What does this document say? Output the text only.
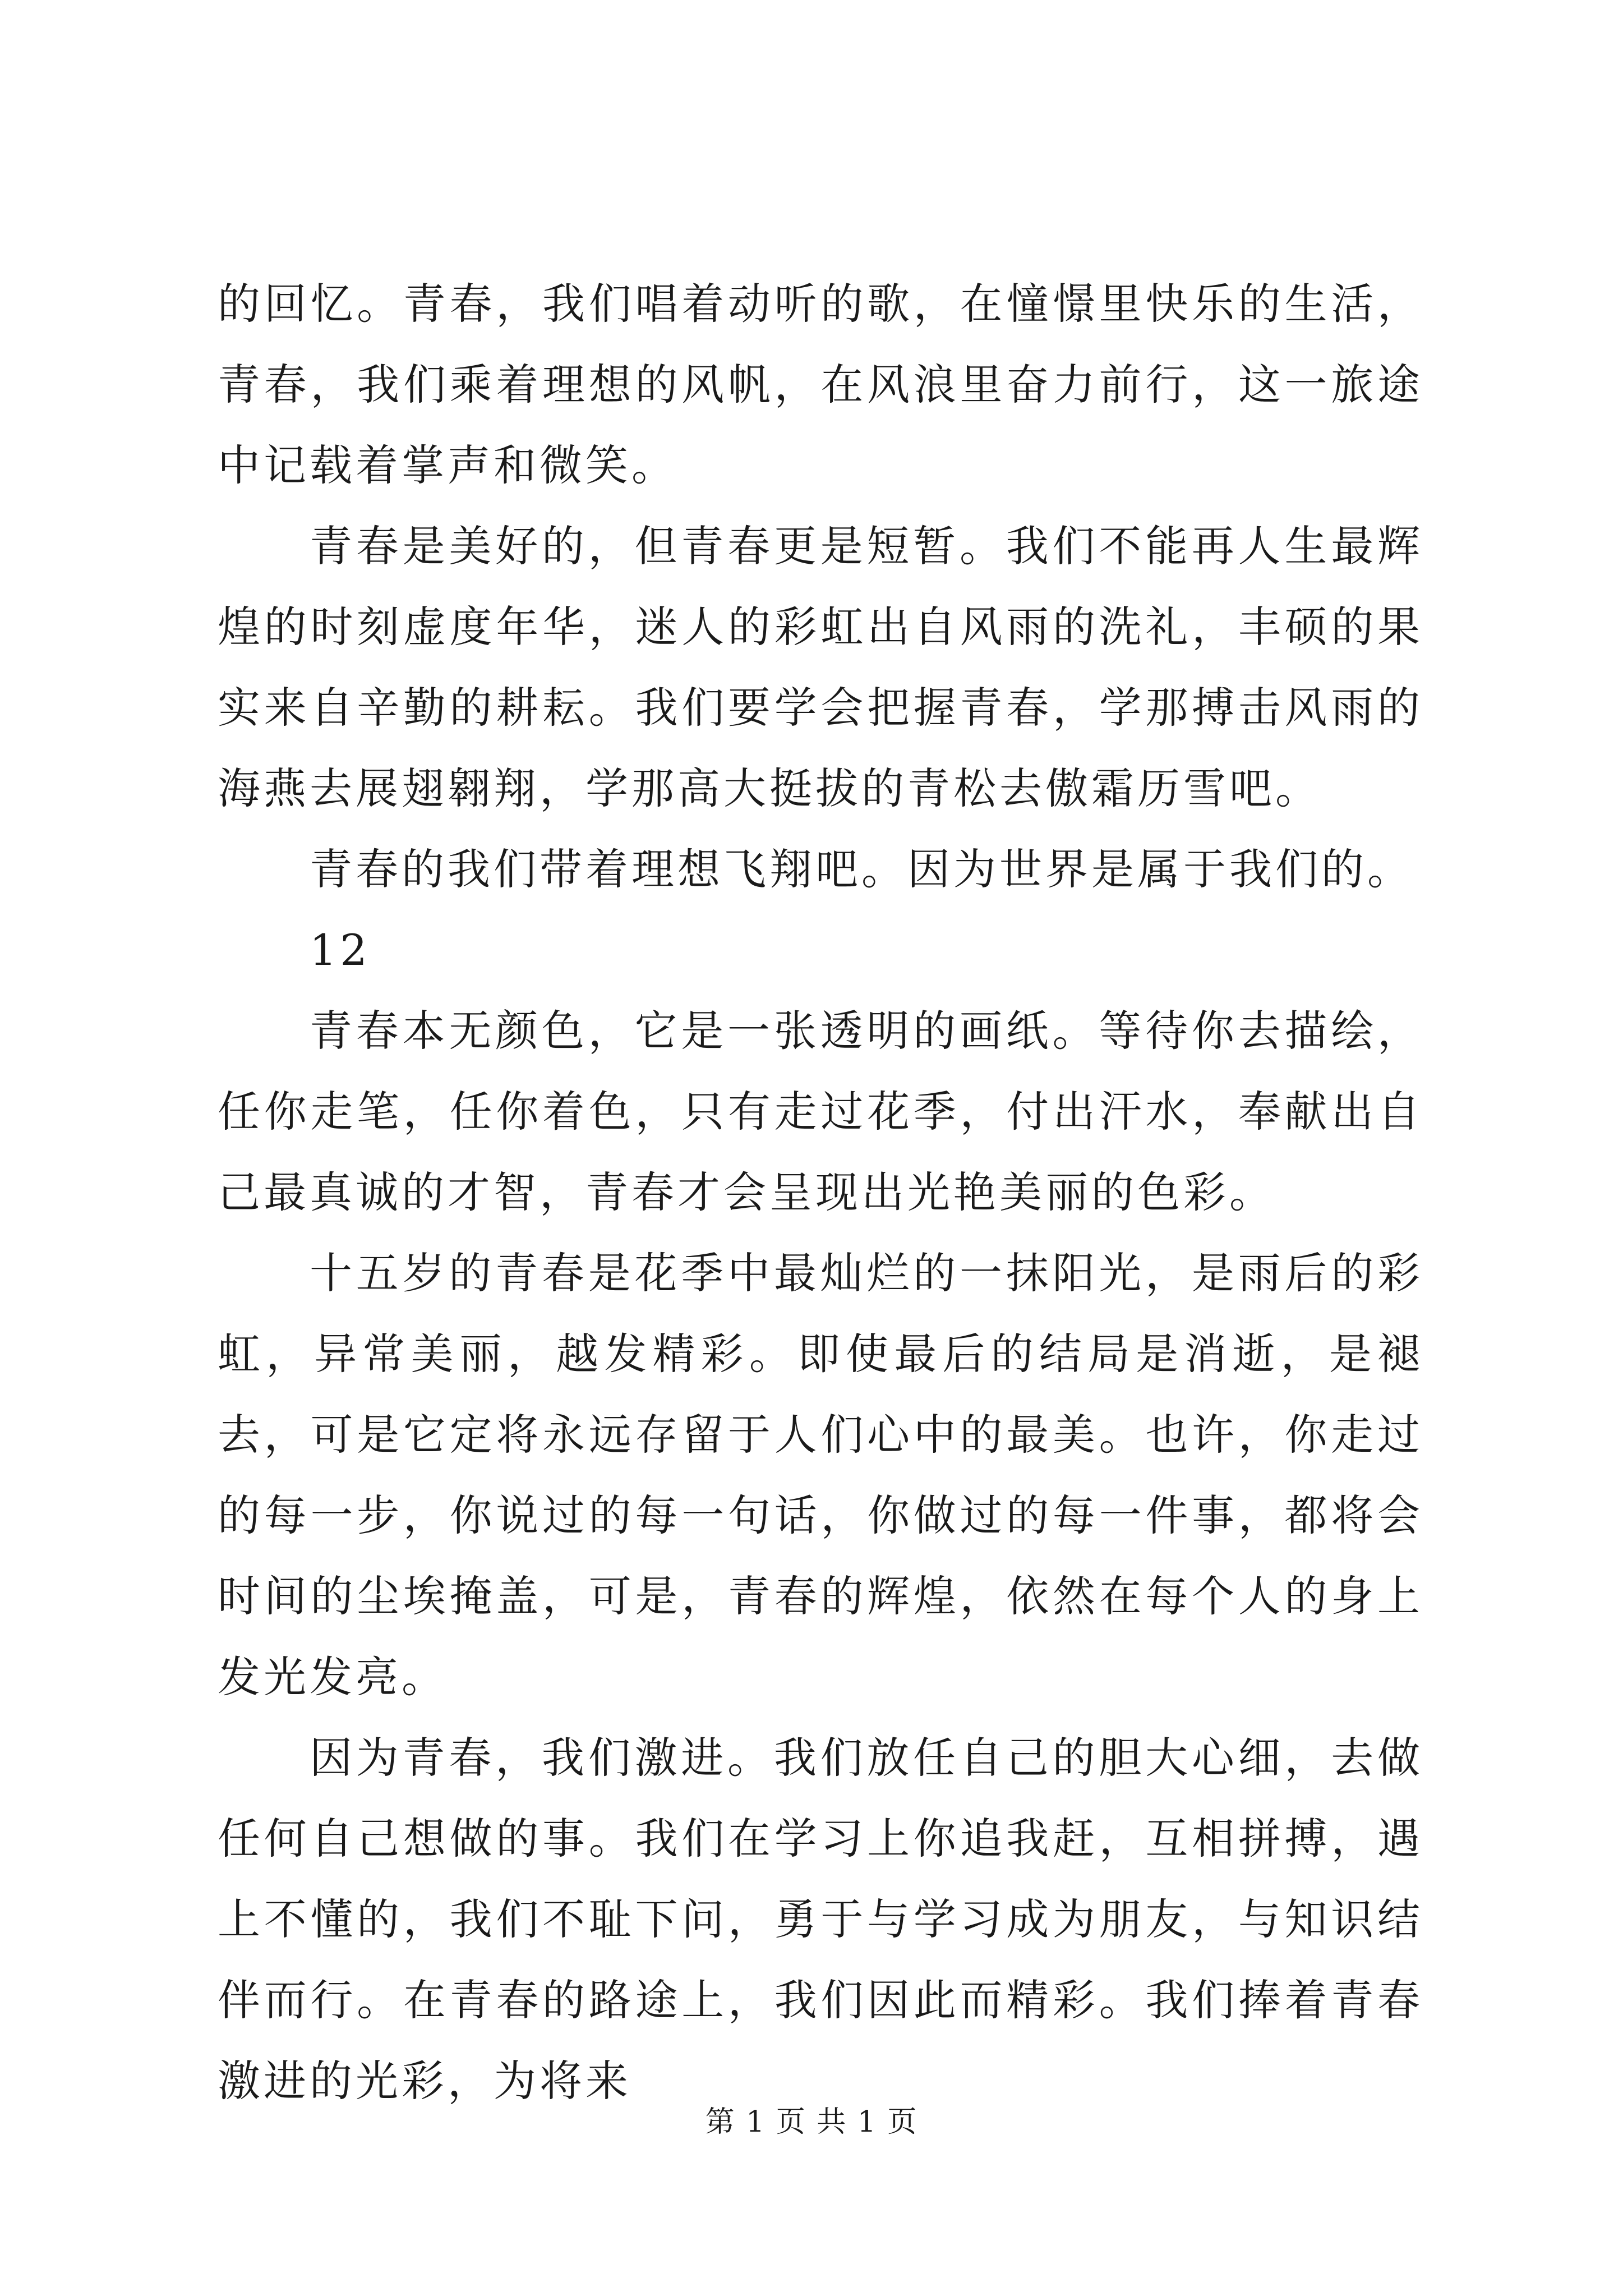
的回忆。青春，我们唱着动听的歌，在憧憬里快乐的生活，青春，我们乘着理想的风帆，在风浪里奋力前行，这一旅途中记载着掌声和微笑。

青春是美好的，但青春更是短暂。我们不能再人生最辉煌的时刻虚度年华，迷人的彩虹出自风雨的洗礼，丰硕的果实来自辛勤的耕耘。我们要学会把握青春，学那搏击风雨的海燕去展翅翱翔，学那高大挺拔的青松去傲霜历雪吧。

青春的我们带着理想飞翔吧。因为世界是属于我们的。

12

青春本无颜色，它是一张透明的画纸。等待你去描绘，任你走笔，任你着色，只有走过花季，付出汗水，奉献出自己最真诚的才智，青春才会呈现出光艳美丽的色彩。

十五岁的青春是花季中最灿烂的一抹阳光，是雨后的彩虹，异常美丽，越发精彩。即使最后的结局是消逝，是褪去，可是它定将永远存留于人们心中的最美。也许，你走过的每一步，你说过的每一句话，你做过的每一件事，都将会时间的尘埃掩盖，可是，青春的辉煌，依然在每个人的身上发光发亮。

因为青春，我们激进。我们放任自己的胆大心细，去做任何自己想做的事。我们在学习上你追我赶，互相拼搏，遇上不懂的，我们不耻下问，勇于与学习成为朋友，与知识结伴而行。在青春的路途上，我们因此而精彩。我们捧着青春激进的光彩，为将来

第 1 页 共 1 页
